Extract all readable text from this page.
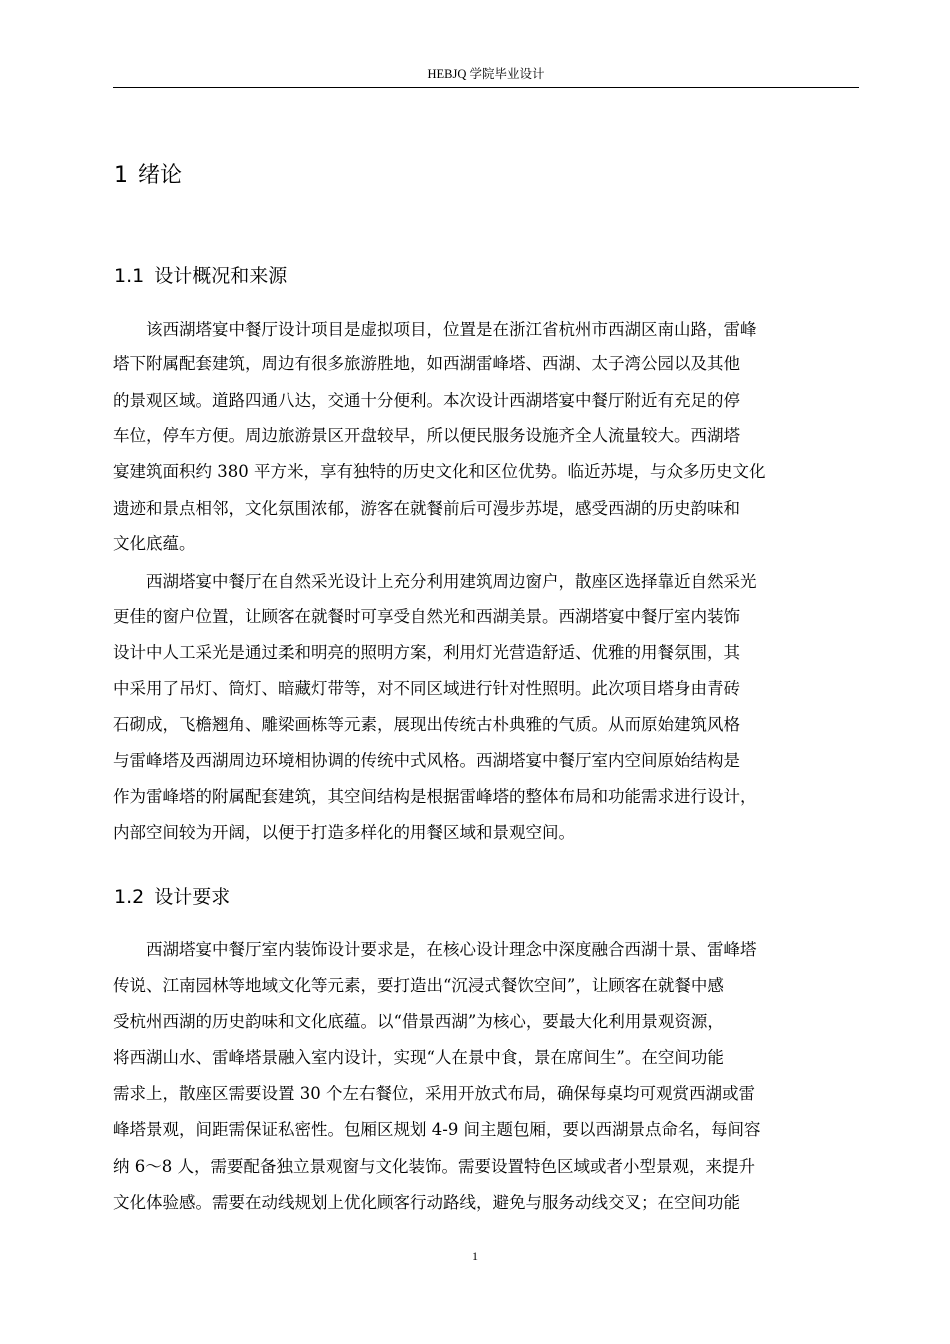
HEBJQ 学院毕业设计
1 绪论
1.1 设计概况和来源
该西湖塔宴中餐厅设计项目是虚拟项目，位置是在浙江省杭州市西湖区南山路，雷峰
塔下附属配套建筑，周边有很多旅游胜地，如西湖雷峰塔、西湖、太子湾公园以及其他
的景观区域。道路四通八达，交通十分便利。本次设计西湖塔宴中餐厅附近有充足的停
车位，停车方便。周边旅游景区开盘较早，所以便民服务设施齐全人流量较大。西湖塔
宴建筑面积约 380 平方米，享有独特的历史文化和区位优势。临近苏堤，与众多历史文化
遗迹和景点相邻，文化氛围浓郁，游客在就餐前后可漫步苏堤，感受西湖的历史韵味和
文化底蕴。
西湖塔宴中餐厅在自然采光设计上充分利用建筑周边窗户，散座区选择靠近自然采光
更佳的窗户位置，让顾客在就餐时可享受自然光和西湖美景。西湖塔宴中餐厅室内装饰
设计中人工采光是通过柔和明亮的照明方案，利用灯光营造舒适、优雅的用餐氛围，其
中采用了吊灯、筒灯、暗藏灯带等，对不同区域进行针对性照明。此次项目塔身由青砖
石砌成，飞檐翘角、雕梁画栋等元素，展现出传统古朴典雅的气质。从而原始建筑风格
与雷峰塔及西湖周边环境相协调的传统中式风格。西湖塔宴中餐厅室内空间原始结构是
作为雷峰塔的附属配套建筑，其空间结构是根据雷峰塔的整体布局和功能需求进行设计，
内部空间较为开阔，以便于打造多样化的用餐区域和景观空间。
1.2 设计要求
西湖塔宴中餐厅室内装饰设计要求是，在核心设计理念中深度融合西湖十景、雷峰塔
传说、江南园林等地域文化等元素，要打造出“沉浸式餐饮空间”，让顾客在就餐中感
受杭州西湖的历史韵味和文化底蕴。以“借景西湖”为核心，要最大化利用景观资源，
将西湖山水、雷峰塔景融入室内设计，实现“人在景中食，景在席间生”。在空间功能
需求上，散座区需要设置 30 个左右餐位，采用开放式布局，确保每桌均可观赏西湖或雷
峰塔景观，间距需保证私密性。包厢区规划 4-9 间主题包厢，要以西湖景点命名，每间容
纳 6～8 人，需要配备独立景观窗与文化装饰。需要设置特色区域或者小型景观，来提升
文化体验感。需要在动线规划上优化顾客行动路线，避免与服务动线交叉；在空间功能
1
